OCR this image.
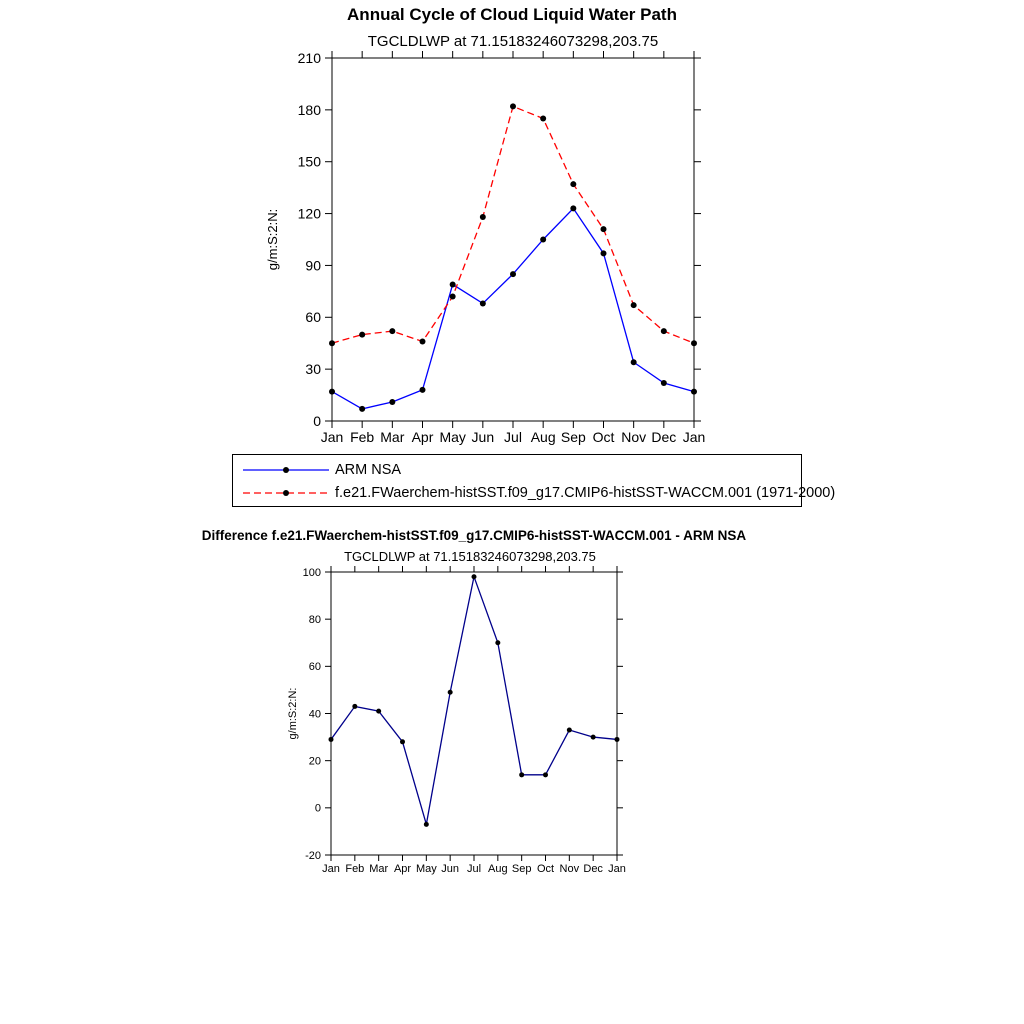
Annual Cycle of Cloud Liquid Water Path
TGCLDLWP at 71.15183246073298,203.75
0
30
60
90
120
150
180
210
Jan Feb Mar Apr May Jun Jul Aug Sep Oct Nov Dec Jan
g/m:S:2:N:
ARM NSA
f.e21.FWaerchem-histSST.f09_g17.CMIP6-histSST-WACCM.001 (1971-2000)
Difference f.e21.FWaerchem-histSST.f09_g17.CMIP6-histSST-WACCM.001 - ARM NSA
TGCLDLWP at 71.15183246073298,203.75
-20
0
20
40
60
80
100
Jan Feb Mar Apr May Jun Jul Aug Sep Oct Nov Dec Jan
g/m:S:2:N:
